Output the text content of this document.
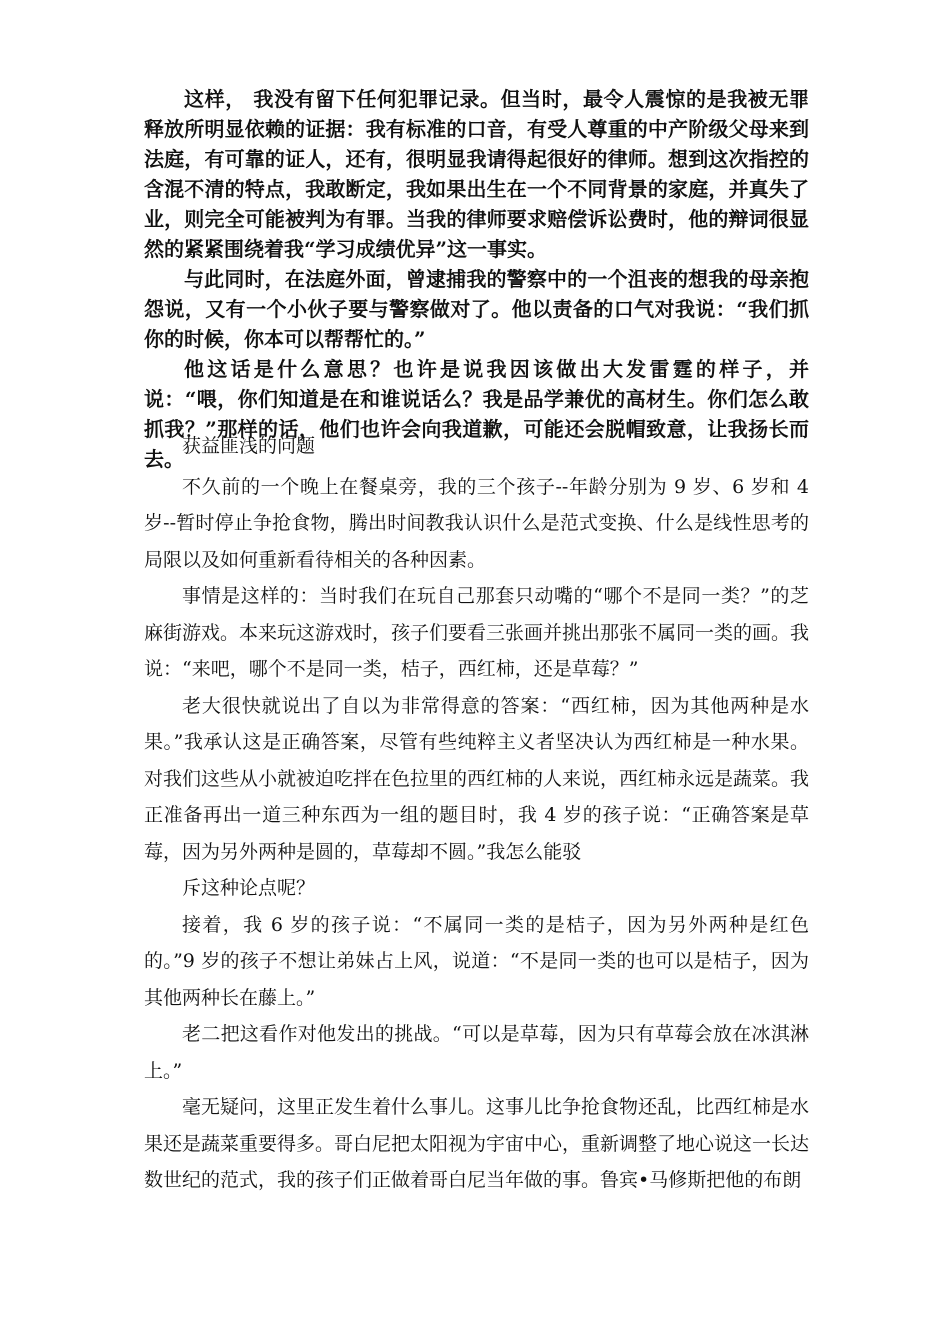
这样， 我没有留下任何犯罪记录。但当时，最令人震惊的是我被无罪释放所明显依赖的证据：我有标准的口音，有受人尊重的中产阶级父母来到法庭，有可靠的证人，还有，很明显我请得起很好的律师。想到这次指控的含混不清的特点，我敢断定，我如果出生在一个不同背景的家庭，并真失了业，则完全可能被判为有罪。当我的律师要求赔偿诉讼费时，他的辩词很显然的紧紧围绕着我“学习成绩优异”这一事实。

与此同时，在法庭外面，曾逮捕我的警察中的一个沮丧的想我的母亲抱怨说，又有一个小伙子要与警察做对了。他以责备的口气对我说：“我们抓你的时候，你本可以帮帮忙的。”

他这话是什么意思？也许是说我因该做出大发雷霆的样子，并说：“喂，你们知道是在和谁说话么？我是品学兼优的高材生。你们怎么敢抓我？”那样的话，他们也许会向我道歉，可能还会脱帽致意，让我扬长而去。

获益匪浅的问题

不久前的一个晚上在餐桌旁，我的三个孩子--年龄分别为 9 岁、6 岁和 4 岁--暂时停止争抢食物，腾出时间教我认识什么是范式变换、什么是线性思考的局限以及如何重新看待相关的各种因素。

事情是这样的：当时我们在玩自己那套只动嘴的“哪个不是同一类？”的芝麻街游戏。本来玩这游戏时，孩子们要看三张画并挑出那张不属同一类的画。我说：“来吧，哪个不是同一类，桔子，西红柿，还是草莓？”

老大很快就说出了自以为非常得意的答案：“西红柿，因为其他两种是水果。”我承认这是正确答案，尽管有些纯粹主义者坚决认为西红柿是一种水果。对我们这些从小就被迫吃拌在色拉里的西红柿的人来说，西红柿永远是蔬菜。我正准备再出一道三种东西为一组的题目时，我 4 岁的孩子说：“正确答案是草莓，因为另外两种是圆的，草莓却不圆。”我怎么能驳

斥这种论点呢？

接着，我 6 岁的孩子说：“不属同一类的是桔子，因为另外两种是红色的。”9 岁的孩子不想让弟妹占上风，说道：“不是同一类的也可以是桔子，因为其他两种长在藤上。”

老二把这看作对他发出的挑战。“可以是草莓，因为只有草莓会放在冰淇淋上。”

毫无疑问，这里正发生着什么事儿。这事儿比争抢食物还乱，比西红柿是水果还是蔬菜重要得多。哥白尼把太阳视为宇宙中心，重新调整了地心说这一长达数世纪的范式，我的孩子们正做着哥白尼当年做的事。鲁宾•马修斯把他的布朗
